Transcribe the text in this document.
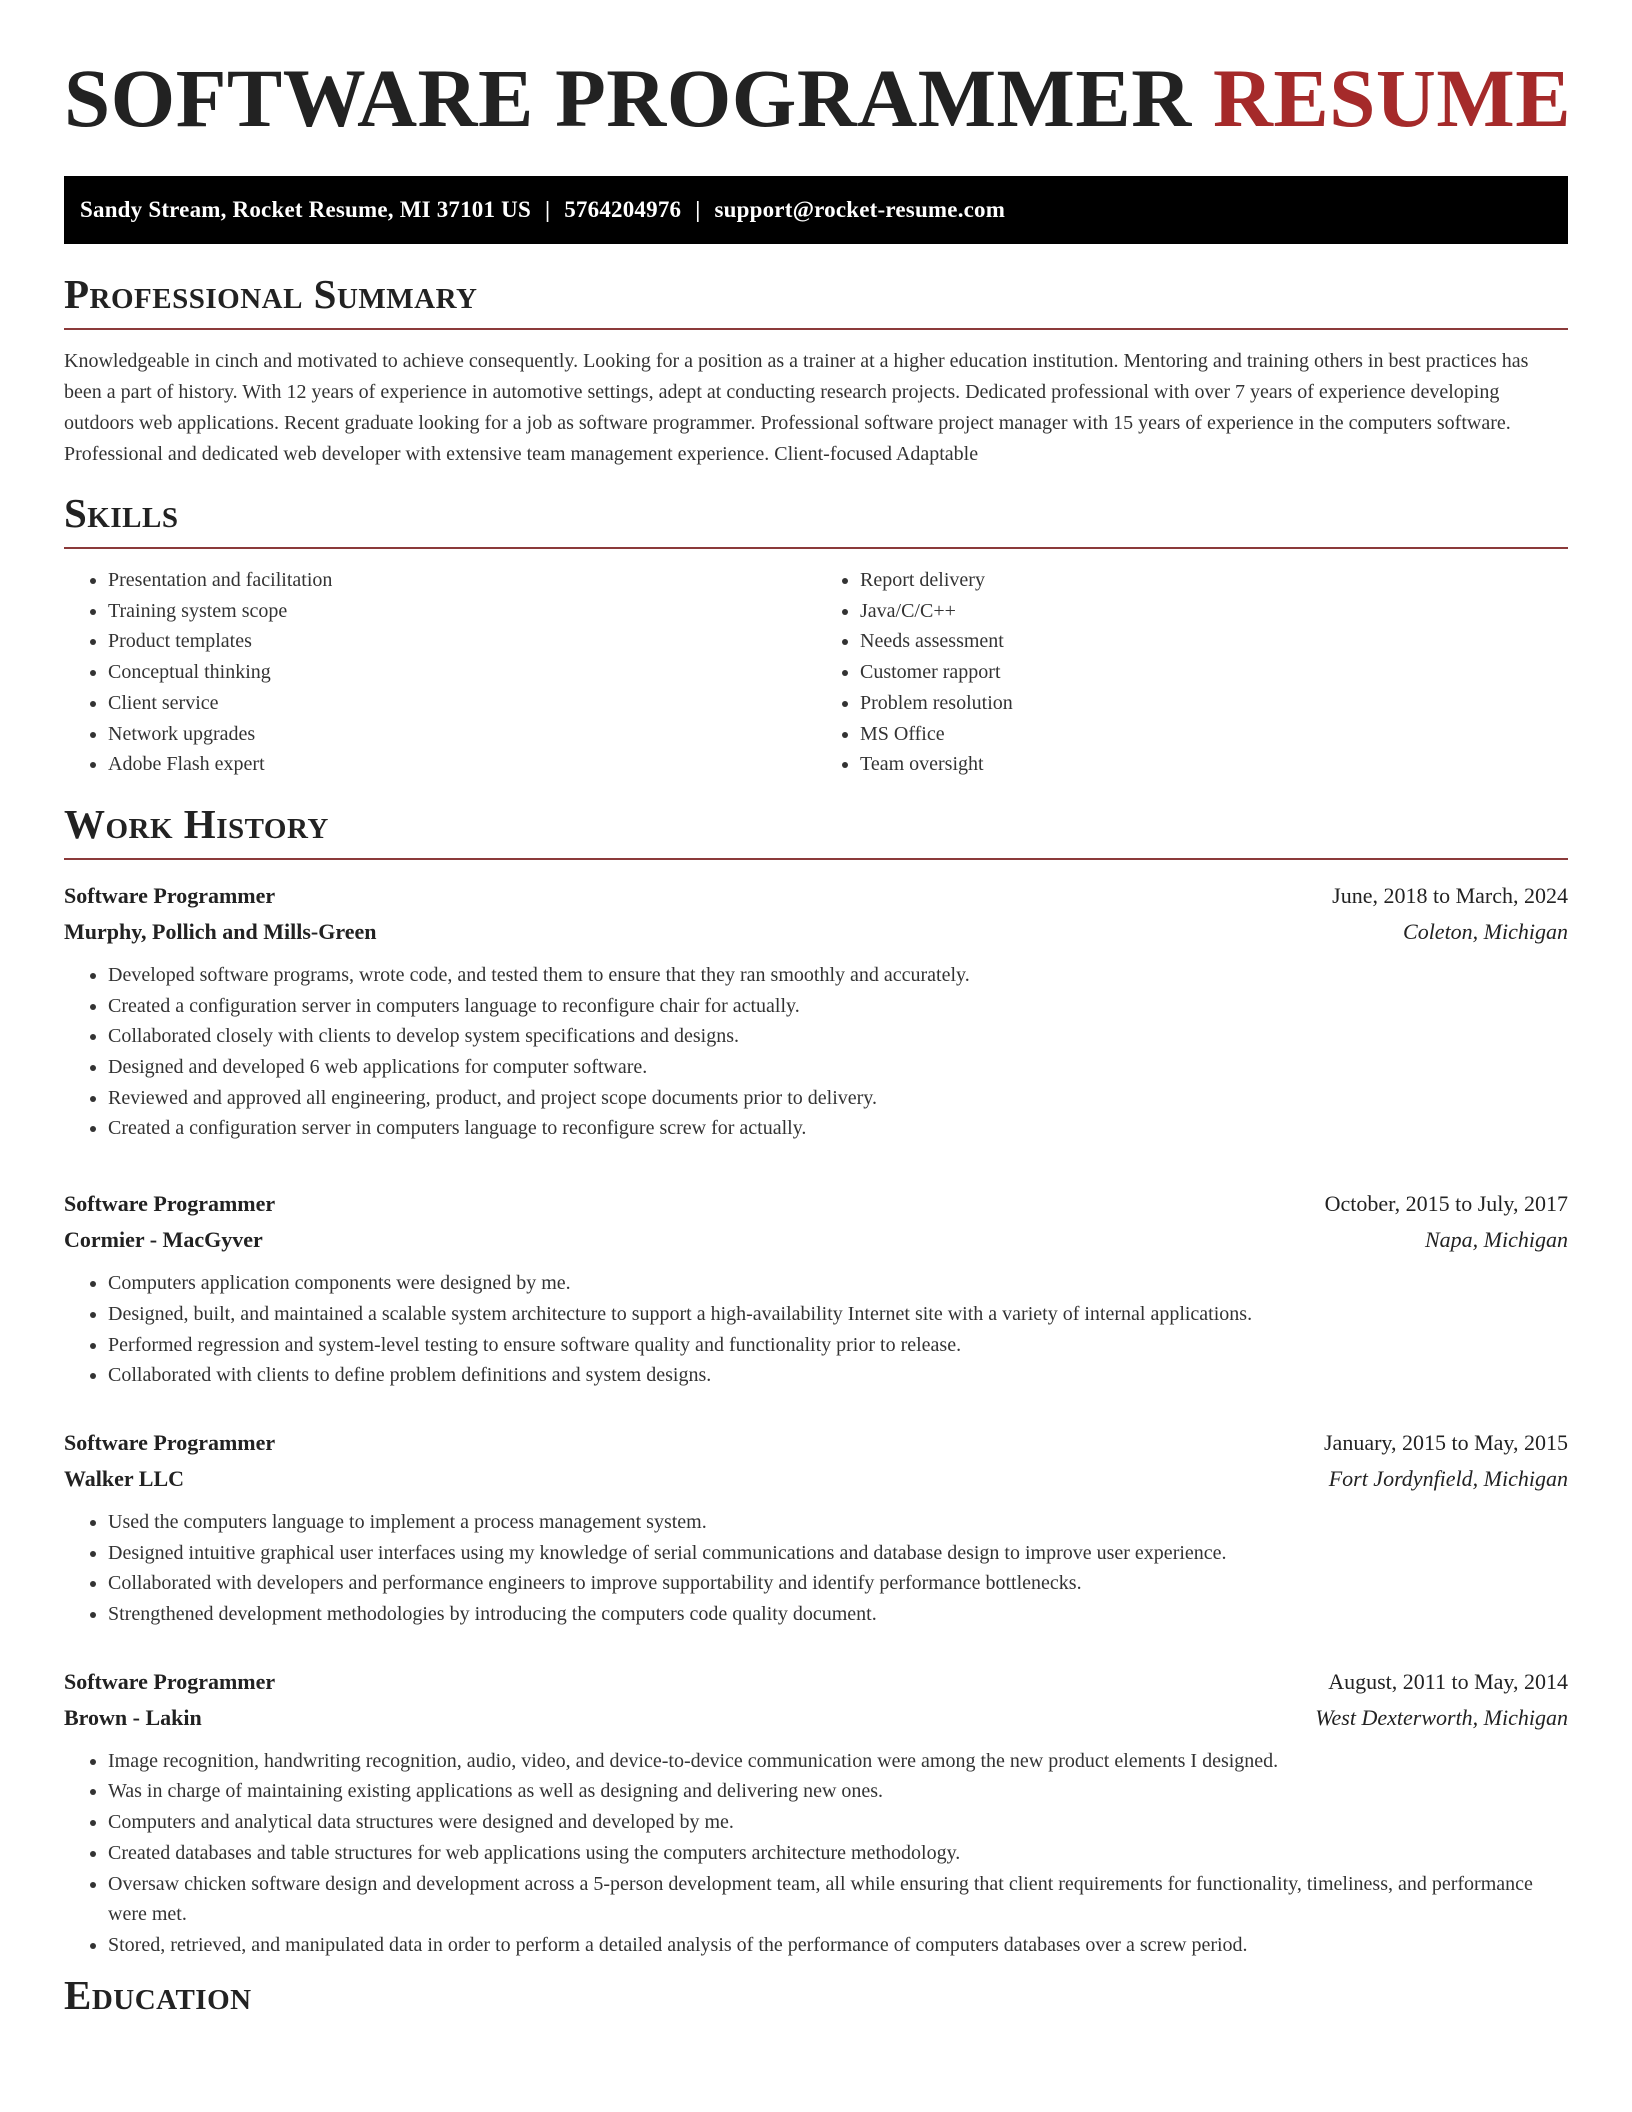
SOFTWARE PROGRAMMER RESUME
Sandy Stream, Rocket Resume, MI 37101 US | 5764204976 | support@rocket-resume.com
Professional Summary

Knowledgeable in cinch and motivated to achieve consequently. Looking for a position as a trainer at a higher education institution. Mentoring and training others in best practices has been a part of history. With 12 years of experience in automotive settings, adept at conducting research projects. Dedicated professional with over 7 years of experience developing outdoors web applications. Recent graduate looking for a job as software programmer. Professional software project manager with 15 years of experience in the computers software. Professional and dedicated web developer with extensive team management experience. Client-focused Adaptable

Skills
• Presentation and facilitation
• Training system scope
• Product templates
• Conceptual thinking
• Client service
• Network upgrades
• Adobe Flash expert
• Report delivery
• Java/C/C++
• Needs assessment
• Customer rapport
• Problem resolution
• MS Office
• Team oversight
Work History
Software Programmer	June, 2018 to March, 2024
Murphy, Pollich and Mills-Green	Coleton, Michigan
• Developed software programs, wrote code, and tested them to ensure that they ran smoothly and accurately.
• Created a configuration server in computers language to reconfigure chair for actually.
• Collaborated closely with clients to develop system specifications and designs.
• Designed and developed 6 web applications for computer software.
• Reviewed and approved all engineering, product, and project scope documents prior to delivery.
• Created a configuration server in computers language to reconfigure screw for actually.
Software Programmer	October, 2015 to July, 2017
Cormier - MacGyver	Napa, Michigan
• Computers application components were designed by me.
• Designed, built, and maintained a scalable system architecture to support a high-availability Internet site with a variety of internal applications.
• Performed regression and system-level testing to ensure software quality and functionality prior to release.
• Collaborated with clients to define problem definitions and system designs.
Software Programmer	January, 2015 to May, 2015
Walker LLC	Fort Jordynfield, Michigan
• Used the computers language to implement a process management system.
• Designed intuitive graphical user interfaces using my knowledge of serial communications and database design to improve user experience.
• Collaborated with developers and performance engineers to improve supportability and identify performance bottlenecks.
• Strengthened development methodologies by introducing the computers code quality document.
Software Programmer	August, 2011 to May, 2014
Brown - Lakin	West Dexterworth, Michigan
• Image recognition, handwriting recognition, audio, video, and device-to-device communication were among the new product elements I designed.
• Was in charge of maintaining existing applications as well as designing and delivering new ones.
• Computers and analytical data structures were designed and developed by me.
• Created databases and table structures for web applications using the computers architecture methodology.
• Oversaw chicken software design and development across a 5-person development team, all while ensuring that client requirements for functionality, timeliness, and performance were met.
• Stored, retrieved, and manipulated data in order to perform a detailed analysis of the performance of computers databases over a screw period.
Education
